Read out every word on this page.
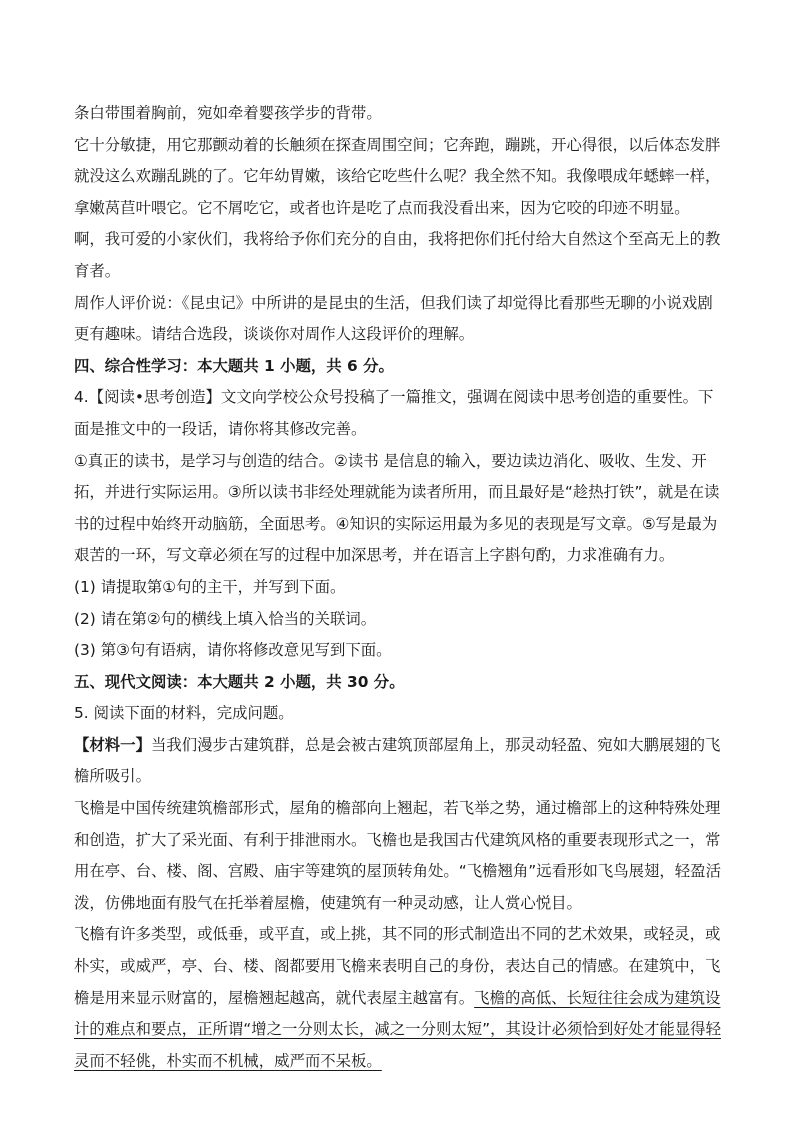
条白带围着胸前，宛如牵着婴孩学步的背带。

它十分敏捷，用它那颤动着的长触须在探查周围空间；它奔跑，蹦跳，开心得很，以后体态发胖就没这么欢蹦乱跳的了。它年幼胃嫩，该给它吃些什么呢？我全然不知。我像喂成年蟋蟀一样，拿嫩莴苣叶喂它。它不屑吃它，或者也许是吃了点而我没看出来，因为它咬的印迹不明显。

啊，我可爱的小家伙们，我将给予你们充分的自由，我将把你们托付给大自然这个至高无上的教育者。

周作人评价说：《昆虫记》中所讲的是昆虫的生活，但我们读了却觉得比看那些无聊的小说戏剧更有趣味。请结合选段，谈谈你对周作人这段评价的理解。

四、综合性学习：本大题共 1 小题，共 6 分。

4.【阅读•思考创造】文文向学校公众号投稿了一篇推文，强调在阅读中思考创造的重要性。下面是推文中的一段话，请你将其修改完善。

①真正的读书，是学习与创造的结合。②读书 是信息的输入，要边读边消化、吸收、生发、开拓，并进行实际运用。③所以读书非经处理就能为读者所用，而且最好是“趁热打铁”，就是在读书的过程中始终开动脑筋，全面思考。④知识的实际运用最为多见的表现是写文章。⑤写是最为艰苦的一环，写文章必须在写的过程中加深思考，并在语言上字斟句酌，力求准确有力。

(1) 请提取第①句的主干，并写到下面。

(2) 请在第②句的横线上填入恰当的关联词。

(3) 第③句有语病，请你将修改意见写到下面。

五、现代文阅读：本大题共 2 小题，共 30 分。

5. 阅读下面的材料，完成问题。

【材料一】当我们漫步古建筑群，总是会被古建筑顶部屋角上，那灵动轻盈、宛如大鹏展翅的飞檐所吸引。

飞檐是中国传统建筑檐部形式，屋角的檐部向上翘起，若飞举之势，通过檐部上的这种特殊处理和创造，扩大了采光面、有利于排泄雨水。飞檐也是我国古代建筑风格的重要表现形式之一，常用在亭、台、楼、阁、宫殿、庙宇等建筑的屋顶转角处。“飞檐翘角”远看形如飞鸟展翅，轻盈活泼，仿佛地面有股气在托举着屋檐，使建筑有一种灵动感，让人赏心悦目。

飞檐有许多类型，或低垂，或平直，或上挑，其不同的形式制造出不同的艺术效果，或轻灵，或朴实，或威严，亭、台、楼、阁都要用飞檐来表明自己的身份，表达自己的情感。在建筑中，飞檐是用来显示财富的，屋檐翘起越高，就代表屋主越富有。飞檐的高低、长短往往会成为建筑设计的难点和要点，正所谓“增之一分则太长，减之一分则太短”，其设计必须恰到好处才能显得轻灵而不轻佻，朴实而不机械，威严而不呆板。
